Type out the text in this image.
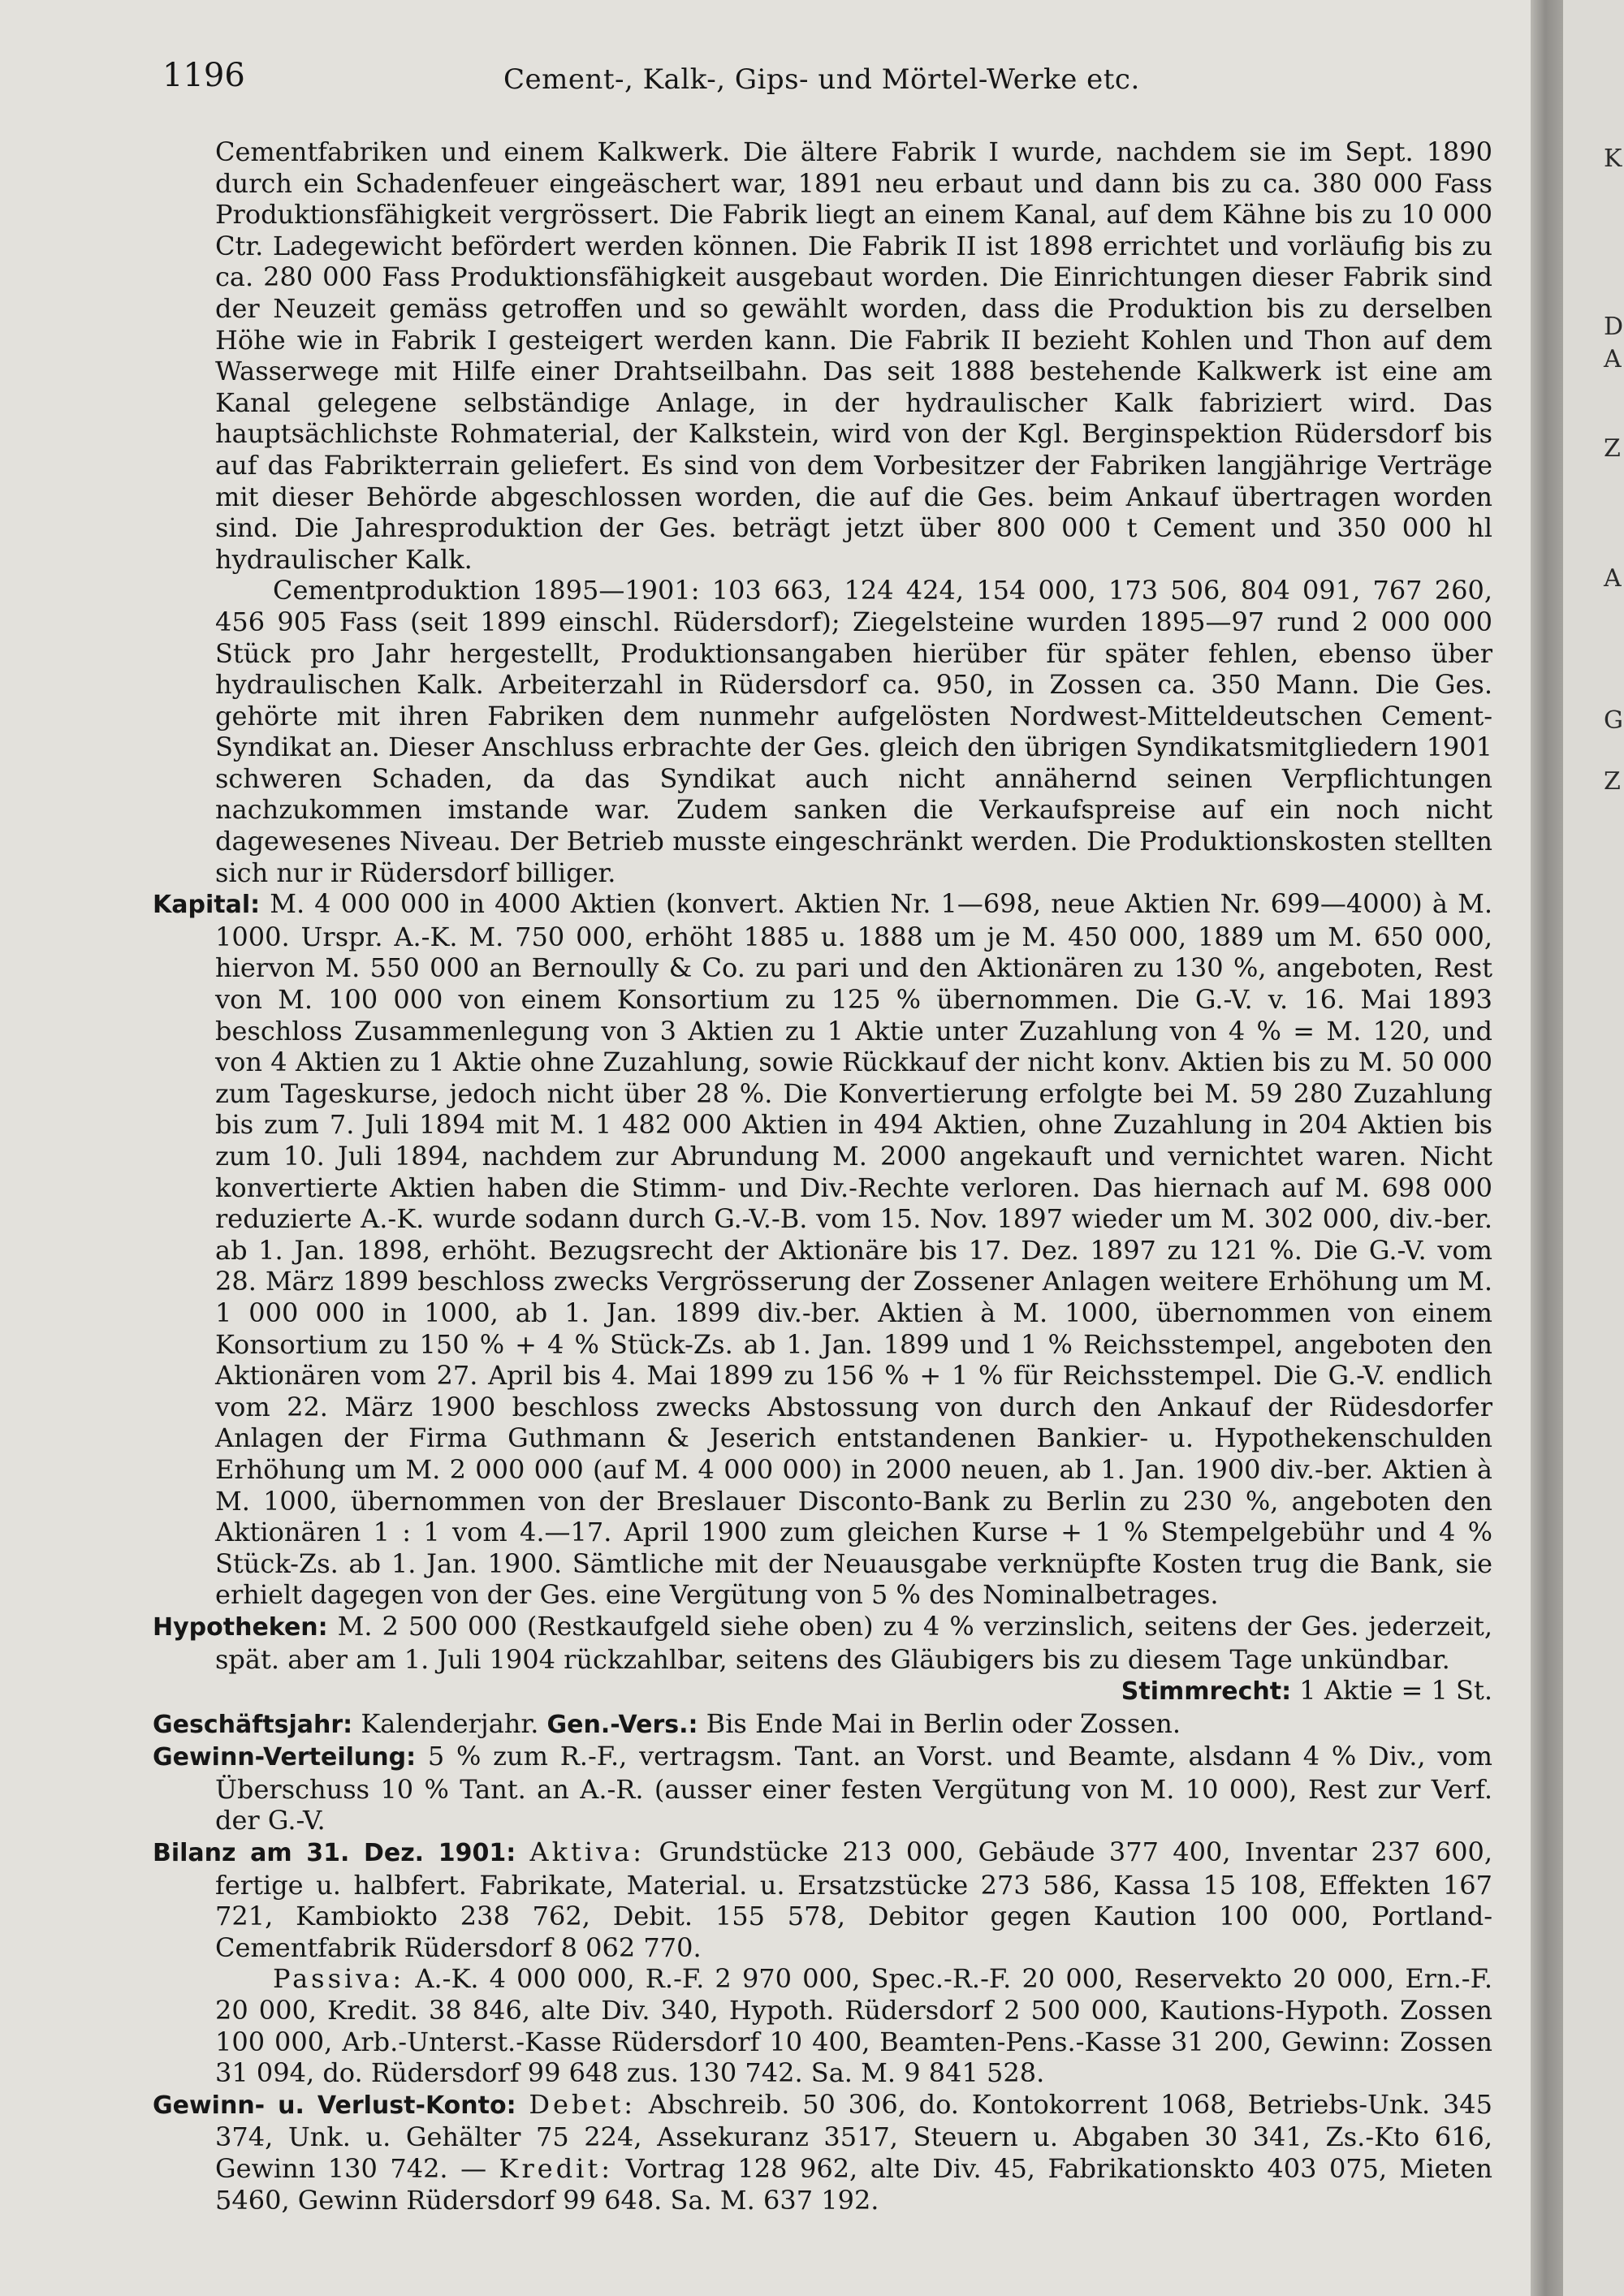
1196	Cement-, Kalk-, Gips- und Mörtel-Werke etc.

Cementfabriken und einem Kalkwerk. Die ältere Fabrik I wurde, nachdem sie im Sept. 1890 durch ein Schadenfeuer eingeäschert war, 1891 neu erbaut und dann bis zu ca. 380 000 Fass Produktionsfähigkeit vergrössert. Die Fabrik liegt an einem Kanal, auf dem Kähne bis zu 10 000 Ctr. Ladegewicht befördert werden können. Die Fabrik II ist 1898 errichtet und vorläufig bis zu ca. 280 000 Fass Produktionsfähigkeit ausgebaut worden. Die Einrichtungen dieser Fabrik sind der Neuzeit gemäss getroffen und so gewählt worden, dass die Produktion bis zu derselben Höhe wie in Fabrik I gesteigert werden kann. Die Fabrik II bezieht Kohlen und Thon auf dem Wasserwege mit Hilfe einer Drahtseilbahn. Das seit 1888 bestehende Kalkwerk ist eine am Kanal gelegene selbständige Anlage, in der hydraulischer Kalk fabriziert wird. Das hauptsächlichste Rohmaterial, der Kalkstein, wird von der Kgl. Berginspektion Rüdersdorf bis auf das Fabrikterrain geliefert. Es sind von dem Vorbesitzer der Fabriken langjährige Verträge mit dieser Behörde abgeschlossen worden, die auf die Ges. beim Ankauf übertragen worden sind. Die Jahresproduktion der Ges. beträgt jetzt über 800 000 t Cement und 350 000 hl hydraulischer Kalk.

Cementproduktion 1895—1901: 103 663, 124 424, 154 000, 173 506, 804 091, 767 260, 456 905 Fass (seit 1899 einschl. Rüdersdorf); Ziegelsteine wurden 1895—97 rund 2 000 000 Stück pro Jahr hergestellt, Produktionsangaben hierüber für später fehlen, ebenso über hydraulischen Kalk. Arbeiterzahl in Rüdersdorf ca. 950, in Zossen ca. 350 Mann. Die Ges. gehörte mit ihren Fabriken dem nunmehr aufgelösten Nordwest-Mitteldeutschen Cement-Syndikat an. Dieser Anschluss erbrachte der Ges. gleich den übrigen Syndikatsmitgliedern 1901 schweren Schaden, da das Syndikat auch nicht annähernd seinen Verpflichtungen nachzukommen imstande war. Zudem sanken die Verkaufspreise auf ein noch nicht dagewesenes Niveau. Der Betrieb musste eingeschränkt werden. Die Produktionskosten stellten sich nur ir Rüdersdorf billiger.

Kapital: M. 4 000 000 in 4000 Aktien (konvert. Aktien Nr. 1—698, neue Aktien Nr. 699—4000) à M. 1000. Urspr. A.-K. M. 750 000, erhöht 1885 u. 1888 um je M. 450 000, 1889 um M. 650 000, hiervon M. 550 000 an Bernoully & Co. zu pari und den Aktionären zu 130 %, angeboten, Rest von M. 100 000 von einem Konsortium zu 125 % übernommen. Die G.-V. v. 16. Mai 1893 beschloss Zusammenlegung von 3 Aktien zu 1 Aktie unter Zuzahlung von 4 % = M. 120, und von 4 Aktien zu 1 Aktie ohne Zuzahlung, sowie Rückkauf der nicht konv. Aktien bis zu M. 50 000 zum Tageskurse, jedoch nicht über 28 %. Die Konvertierung erfolgte bei M. 59 280 Zuzahlung bis zum 7. Juli 1894 mit M. 1 482 000 Aktien in 494 Aktien, ohne Zuzahlung in 204 Aktien bis zum 10. Juli 1894, nachdem zur Abrundung M. 2000 angekauft und vernichtet waren. Nicht konvertierte Aktien haben die Stimm- und Div.-Rechte verloren. Das hiernach auf M. 698 000 reduzierte A.-K. wurde sodann durch G.-V.-B. vom 15. Nov. 1897 wieder um M. 302 000, div.-ber. ab 1. Jan. 1898, erhöht. Bezugsrecht der Aktionäre bis 17. Dez. 1897 zu 121 %. Die G.-V. vom 28. März 1899 beschloss zwecks Vergrösserung der Zossener Anlagen weitere Erhöhung um M. 1 000 000 in 1000, ab 1. Jan. 1899 div.-ber. Aktien à M. 1000, übernommen von einem Konsortium zu 150 % + 4 % Stück-Zs. ab 1. Jan. 1899 und 1 % Reichsstempel, angeboten den Aktionären vom 27. April bis 4. Mai 1899 zu 156 % + 1 % für Reichsstempel. Die G.-V. endlich vom 22. März 1900 beschloss zwecks Abstossung von durch den Ankauf der Rüdesdorfer Anlagen der Firma Guthmann & Jeserich entstandenen Bankier- u. Hypothekenschulden Erhöhung um M. 2 000 000 (auf M. 4 000 000) in 2000 neuen, ab 1. Jan. 1900 div.-ber. Aktien à M. 1000, übernommen von der Breslauer Disconto-Bank zu Berlin zu 230 %, angeboten den Aktionären 1 : 1 vom 4.—17. April 1900 zum gleichen Kurse + 1 % Stempelgebühr und 4 % Stück-Zs. ab 1. Jan. 1900. Sämtliche mit der Neuausgabe verknüpfte Kosten trug die Bank, sie erhielt dagegen von der Ges. eine Vergütung von 5 % des Nominalbetrages.

Hypotheken: M. 2 500 000 (Restkaufgeld siehe oben) zu 4 % verzinslich, seitens der Ges. jederzeit, spät. aber am 1. Juli 1904 rückzahlbar, seitens des Gläubigers bis zu diesem Tage unkündbar.
Stimmrecht: 1 Aktie = 1 St.

Geschäftsjahr: Kalenderjahr. Gen.-Vers.: Bis Ende Mai in Berlin oder Zossen.

Gewinn-Verteilung: 5 % zum R.-F., vertragsm. Tant. an Vorst. und Beamte, alsdann 4 % Div., vom Überschuss 10 % Tant. an A.-R. (ausser einer festen Vergütung von M. 10 000), Rest zur Verf. der G.-V.

Bilanz am 31. Dez. 1901: Aktiva: Grundstücke 213 000, Gebäude 377 400, Inventar 237 600, fertige u. halbfert. Fabrikate, Material. u. Ersatzstücke 273 586, Kassa 15 108, Effekten 167 721, Kambiokto 238 762, Debit. 155 578, Debitor gegen Kaution 100 000, Portland-Cementfabrik Rüdersdorf 8 062 770.

Passiva: A.-K. 4 000 000, R.-F. 2 970 000, Spec.-R.-F. 20 000, Reservekto 20 000, Ern.-F. 20 000, Kredit. 38 846, alte Div. 340, Hypoth. Rüdersdorf 2 500 000, Kautions-Hypoth. Zossen 100 000, Arb.-Unterst.-Kasse Rüdersdorf 10 400, Beamten-Pens.-Kasse 31 200, Gewinn: Zossen 31 094, do. Rüdersdorf 99 648 zus. 130 742. Sa. M. 9 841 528.

Gewinn- u. Verlust-Konto: Debet: Abschreib. 50 306, do. Kontokorrent 1068, Betriebs-Unk. 345 374, Unk. u. Gehälter 75 224, Assekuranz 3517, Steuern u. Abgaben 30 341, Zs.-Kto 616, Gewinn 130 742. — Kredit: Vortrag 128 962, alte Div. 45, Fabrikationskto 403 075, Mieten 5460, Gewinn Rüdersdorf 99 648. Sa. M. 637 192.

K
D
A
Z
A
G
Z
